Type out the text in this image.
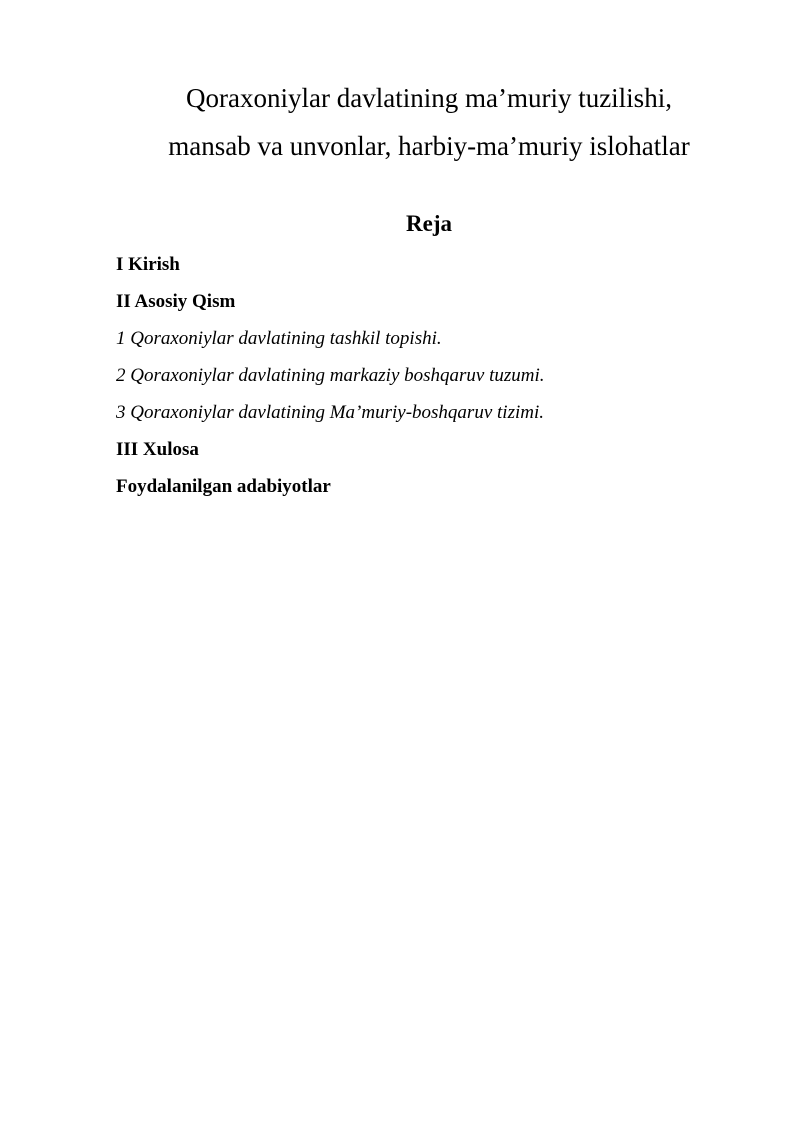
Qoraxoniylar davlatining ma’muriy tuzilishi,
mansab va unvonlar, harbiy-ma’muriy islohatlar
Reja
I Kirish
II Asosiy Qism
1 Qoraxoniylar davlatining tashkil topishi.
2 Qoraxoniylar davlatining markaziy boshqaruv tuzumi.
3 Qoraxoniylar davlatining Ma’muriy-boshqaruv tizimi.
III Xulosa
Foydalanilgan adabiyotlar
